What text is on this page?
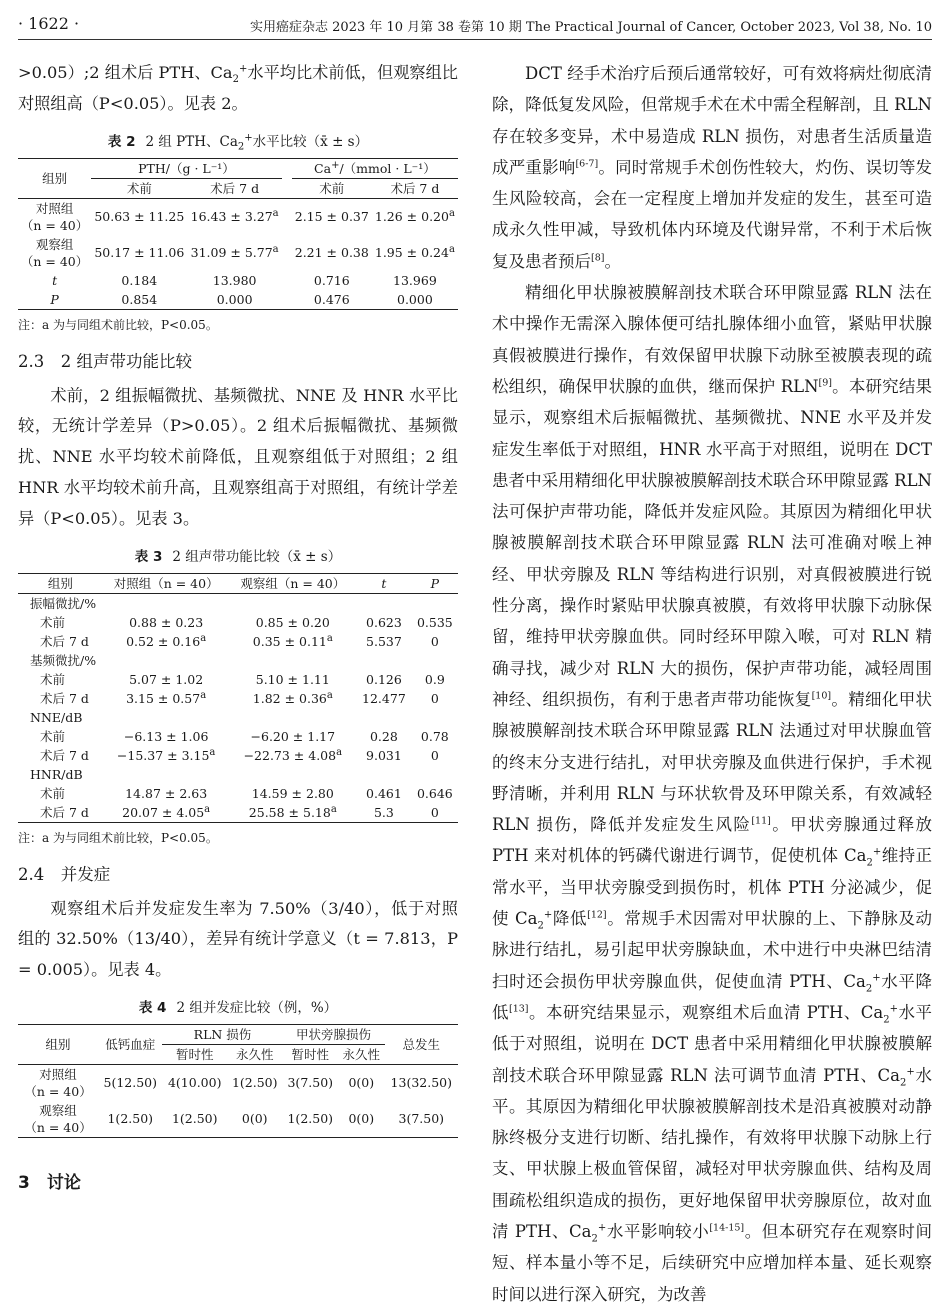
· 1622 ·	实用癌症杂志 2023 年 10 月第 38 卷第 10 期 The Practical Journal of Cancer, October 2023, Vol 38, No. 10

>0.05）;2 组术后 PTH、$Ca_2^+$水平均比术前低，但观察组比对照组高（P<0.05）。见表 2。

表 2 2 组 PTH、$Ca_2^+$水平比较（x̄ ± s）
组别	PTH/（g · L⁻¹）			Ca+/（mmol · L⁻¹）	
	术前	术后 7 d		术前	术后 7 d
对照组
（n = 40）	50.63 ± 11.25	16.43 ± 3.27$^a$		2.15 ± 0.37	1.26 ± 0.20$^a$
观察组
（n = 40）	50.17 ± 11.06	31.09 ± 5.77$^a$		2.21 ± 0.38	1.95 ± 0.24$^a$
t	0.184	13.980		0.716	13.969
P	0.854	0.000		0.476	0.000
注：a 为与同组术前比较，P<0.05。
2.3　2 组声带功能比较

术前，2 组振幅微扰、基频微扰、NNE 及 HNR 水平比较，无统计学差异（P>0.05）。2 组术后振幅微扰、基频微扰、NNE 水平均较术前降低，且观察组低于对照组；2 组 HNR 水平均较术前升高，且观察组高于对照组，有统计学差异（P<0.05）。见表 3。

表 3 2 组声带功能比较（x̄ ± s）
组别	对照组（n = 40）	观察组（n = 40）	t	P
振幅微扰/%				
术前	0.88 ± 0.23	0.85 ± 0.20	0.623	0.535
术后 7 d	0.52 ± 0.16$^a$	0.35 ± 0.11$^a$	5.537	0
基频微扰/%				
术前	5.07 ± 1.02	5.10 ± 1.11	0.126	0.9
术后 7 d	3.15 ± 0.57$^a$	1.82 ± 0.36$^a$	12.477	0
NNE/dB				
术前	−6.13 ± 1.06	−6.20 ± 1.17	0.28	0.78
术后 7 d	−15.37 ± 3.15$^a$	−22.73 ± 4.08$^a$	9.031	0
HNR/dB				
术前	14.87 ± 2.63	14.59 ± 2.80	0.461	0.646
术后 7 d	20.07 ± 4.05$^a$	25.58 ± 5.18$^a$	5.3	0
注：a 为与同组术前比较，P<0.05。
2.4　并发症

观察组术后并发症发生率为 7.50%（3/40），低于对照组的 32.50%（13/40），差异有统计学意义（t = 7.813，P = 0.005）。见表 4。

表 4 2 组并发症比较（例，%）
组别	低钙血症	RLN 损伤		甲状旁腺损伤		总发生
		暂时性	永久性	暂时性	永久性	
对照组
（n = 40）	5(12.50)	4(10.00)	1(2.50)	3(7.50)	0(0)	13(32.50)
观察组
（n = 40）	1(2.50)	1(2.50)	0(0)	1(2.50)	0(0)	3(7.50)
3　讨论

DCT 经手术治疗后预后通常较好，可有效将病灶彻底清除，降低复发风险，但常规手术在术中需全程解剖，且 RLN 存在较多变异，术中易造成 RLN 损伤，对患者生活质量造成严重影响[6-7]。同时常规手术创伤性较大，灼伤、误切等发生风险较高，会在一定程度上增加并发症的发生，甚至可造成永久性甲减，导致机体内环境及代谢异常，不利于术后恢复及患者预后[8]。

精细化甲状腺被膜解剖技术联合环甲隙显露 RLN 法在术中操作无需深入腺体便可结扎腺体细小血管，紧贴甲状腺真假被膜进行操作，有效保留甲状腺下动脉至被膜表现的疏松组织，确保甲状腺的血供，继而保护 RLN[9]。本研究结果显示，观察组术后振幅微扰、基频微扰、NNE 水平及并发症发生率低于对照组，HNR 水平高于对照组，说明在 DCT 患者中采用精细化甲状腺被膜解剖技术联合环甲隙显露 RLN 法可保护声带功能，降低并发症风险。其原因为精细化甲状腺被膜解剖技术联合环甲隙显露 RLN 法可准确对喉上神经、甲状旁腺及 RLN 等结构进行识别，对真假被膜进行锐性分离，操作时紧贴甲状腺真被膜，有效将甲状腺下动脉保留，维持甲状旁腺血供。同时经环甲隙入喉，可对 RLN 精确寻找，减少对 RLN 大的损伤，保护声带功能，减轻周围神经、组织损伤，有利于患者声带功能恢复[10]。精细化甲状腺被膜解剖技术联合环甲隙显露 RLN 法通过对甲状腺血管的终末分支进行结扎，对甲状旁腺及血供进行保护，手术视野清晰，并利用 RLN 与环状软骨及环甲隙关系，有效减轻 RLN 损伤，降低并发症发生风险[11]。甲状旁腺通过释放 PTH 来对机体的钙磷代谢进行调节，促使机体 $Ca_2^+$维持正常水平，当甲状旁腺受到损伤时，机体 PTH 分泌减少，促使 $Ca_2^+$降低[12]。常规手术因需对甲状腺的上、下静脉及动脉进行结扎，易引起甲状旁腺缺血，术中进行中央淋巴结清扫时还会损伤甲状旁腺血供，促使血清 PTH、$Ca_2^+$水平降低[13]。本研究结果显示，观察组术后血清 PTH、$Ca_2^+$水平低于对照组，说明在 DCT 患者中采用精细化甲状腺被膜解剖技术联合环甲隙显露 RLN 法可调节血清 PTH、$Ca_2^+$水平。其原因为精细化甲状腺被膜解剖技术是沿真被膜对动静脉终极分支进行切断、结扎操作，有效将甲状腺下动脉上行支、甲状腺上极血管保留，减轻对甲状旁腺血供、结构及周围疏松组织造成的损伤，更好地保留甲状旁腺原位，故对血清 PTH、$Ca_2^+$水平影响较小[14-15]。但本研究存在观察时间短、样本量小等不足，后续研究中应增加样本量、延长观察时间以进行深入研究，为改善
